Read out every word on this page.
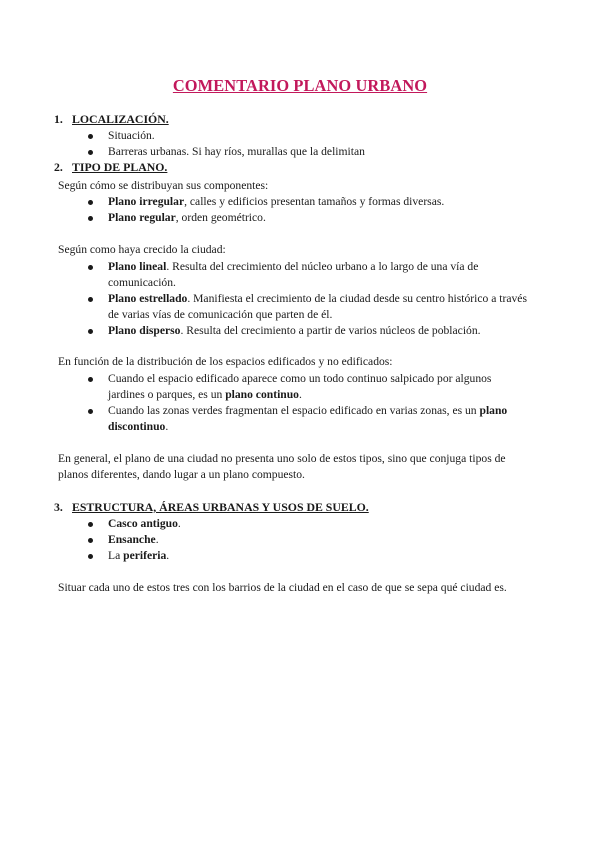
COMENTARIO PLANO URBANO
1. LOCALIZACIÓN.
Situación.
Barreras urbanas. Si hay ríos, murallas que la delimitan
2. TIPO DE PLANO.
Según cómo se distribuyan sus componentes:
Plano irregular, calles y edificios presentan tamaños y formas diversas.
Plano regular, orden geométrico.
Según como haya crecido la ciudad:
Plano lineal. Resulta del crecimiento del núcleo urbano a lo largo de una vía de comunicación.
Plano estrellado. Manifiesta el crecimiento de la ciudad desde su centro histórico a través de varias vías de comunicación que parten de él.
Plano disperso. Resulta del crecimiento a partir de varios núcleos de población.
En función de la distribución de los espacios edificados y no edificados:
Cuando el espacio edificado aparece como un todo continuo salpicado por algunos jardines o parques, es un plano continuo.
Cuando las zonas verdes fragmentan el espacio edificado en varias zonas, es un plano discontinuo.
En general, el plano de una ciudad no presenta uno solo de estos tipos, sino que conjuga tipos de planos diferentes, dando lugar a un plano compuesto.
3. ESTRUCTURA, ÁREAS URBANAS Y USOS DE SUELO.
Casco antiguo.
Ensanche.
La periferia.
Situar cada uno de estos tres con los barrios de la ciudad en el caso de que se sepa qué ciudad es.
